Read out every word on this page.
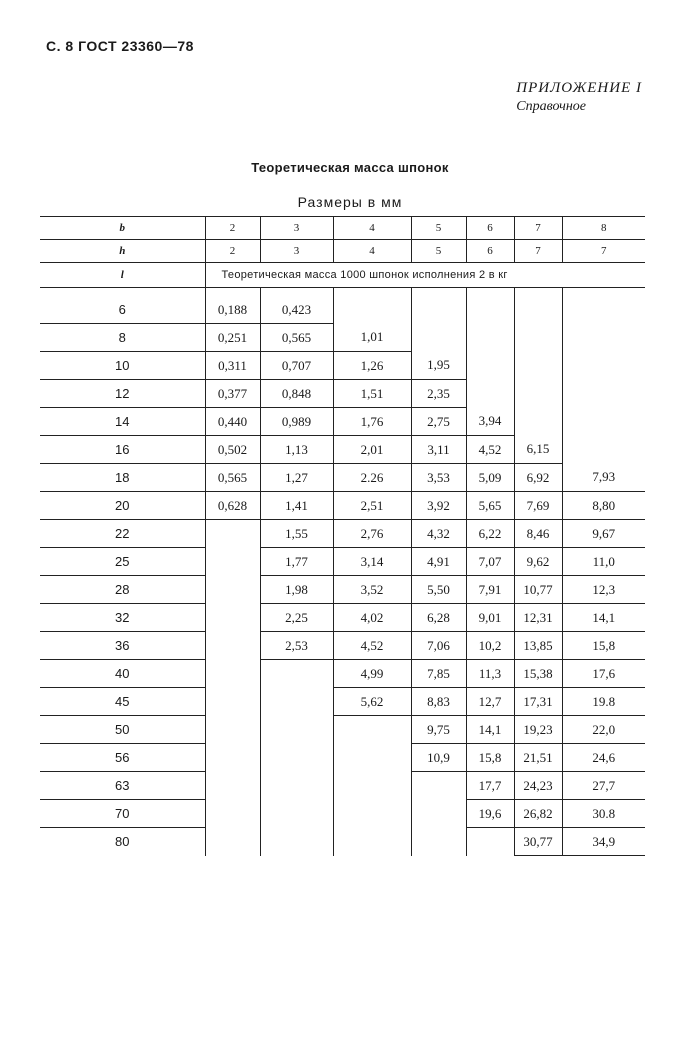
С. 8 ГОСТ 23360—78
ПРИЛОЖЕНИЕ I
Справочное
Теоретическая масса шпонок
Размеры в мм
b	2	3	4	5	6	7	8
h	2	3	4	5	6	7	7
l	Теоретическая масса 1000 шпонок исполнения 2 в кг						

6	0,188	0,423					
8	0,251	0,565	1,01				
10	0,311	0,707	1,26	1,95			
12	0,377	0,848	1,51	2,35			
14	0,440	0,989	1,76	2,75	3,94		
16	0,502	1,13	2,01	3,11	4,52	6,15	
18	0,565	1,27	2.26	3,53	5,09	6,92	7,93
20	0,628	1,41	2,51	3,92	5,65	7,69	8,80
22		1,55	2,76	4,32	6,22	8,46	9,67
25		1,77	3,14	4,91	7,07	9,62	11,0
28		1,98	3,52	5,50	7,91	10,77	12,3
32		2,25	4,02	6,28	9,01	12,31	14,1
36		2,53	4,52	7,06	10,2	13,85	15,8
40			4,99	7,85	11,3	15,38	17,6
45			5,62	8,83	12,7	17,31	19.8
50				9,75	14,1	19,23	22,0
56				10,9	15,8	21,51	24,6
63					17,7	24,23	27,7
70					19,6	26,82	30.8
80						30,77	34,9
